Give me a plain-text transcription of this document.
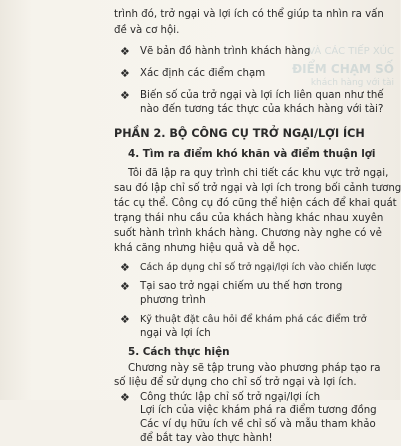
VÀ CÁC TIẾP XÚC
ĐIỂM CHẠM SỐ
khách hàng với tài
trình đó, trở ngại và lợi ích có thể giúp ta nhìn ra vấn
đề và cơ hội.
❖ Vẽ bản đồ hành trình khách hàng
❖ Xác định các điểm chạm
❖ Biến số của trở ngại và lợi ích liên quan như thế
nào đến tương tác thực của khách hàng với tài?
PHẦN 2. BỘ CÔNG CỤ TRỞ NGẠI/LỢI ÍCH
4. Tìm ra điểm khó khăn và điểm thuận lợi
Tôi đã lập ra quy trình chi tiết các khu vực trở ngại,
sau đó lập chỉ số trở ngại và lợi ích trong bối cảnh tương
tác cụ thể. Công cụ đó cũng thể hiện cách để khai quát
trạng thái nhu cầu của khách hàng khác nhau xuyên
suốt hành trình khách hàng. Chương này nghe có vẻ
khá căng nhưng hiệu quả và dễ học.
❖ Cách áp dụng chỉ số trở ngại/lợi ích vào chiến lược
❖ Tại sao trở ngại chiếm ưu thế hơn trong
phương trình
❖ Kỹ thuật đặt câu hỏi để khám phá các điểm trở
ngại và lợi ích
5. Cách thực hiện
Chương này sẽ tập trung vào phương pháp tạo ra
số liệu để sử dụng cho chỉ số trở ngại và lợi ích.
❖ Công thức lập chỉ số trở ngại/lợi ích
Lợi ích của việc khám phá ra điểm tương đồng
Các ví dụ hữu ích về chỉ số và mẫu tham khảo
để bắt tay vào thực hành!
